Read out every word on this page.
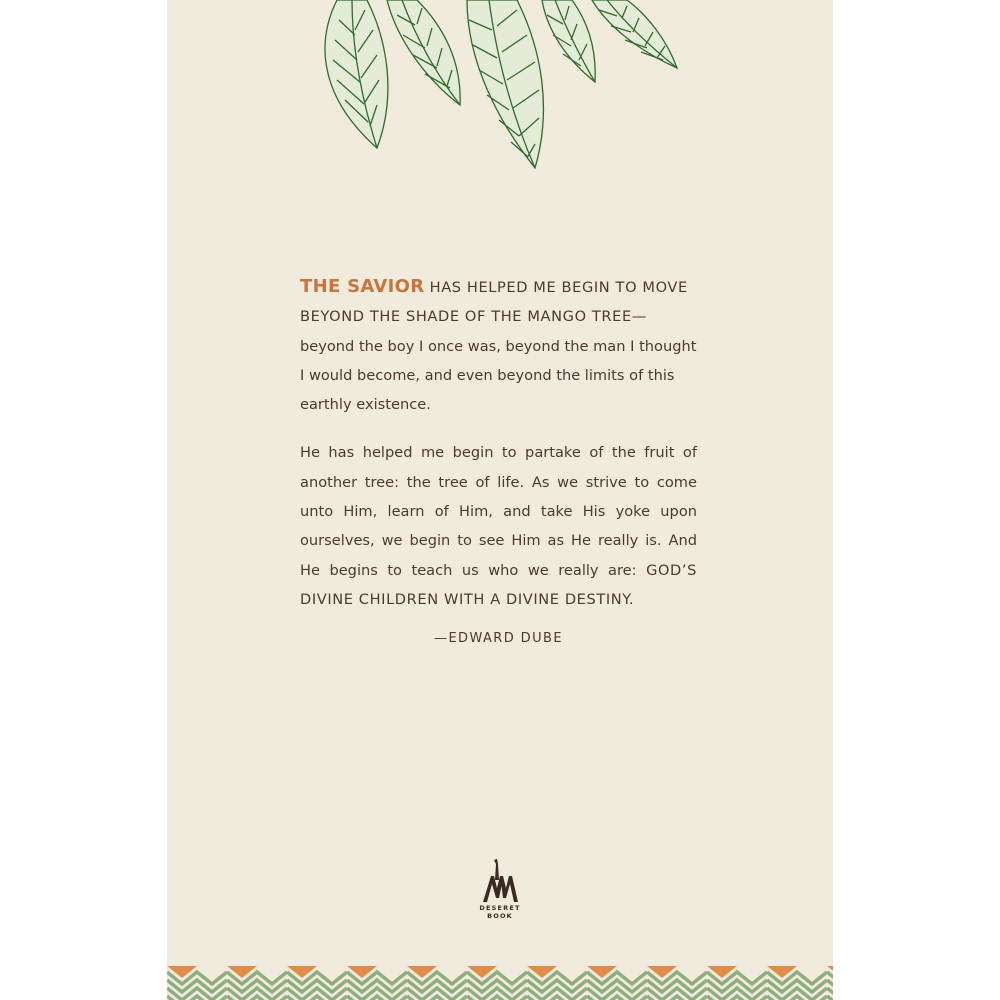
THE SAVIOR HAS HELPED ME BEGIN TO MOVE BEYOND THE SHADE OF THE MANGO TREE— beyond the boy I once was, beyond the man I thought I would become, and even beyond the limits of this earthly existence.

He has helped me begin to partake of the fruit of another tree: the tree of life. As we strive to come unto Him, learn of Him, and take His yoke upon ourselves, we begin to see Him as He really is. And He begins to teach us who we really are: GOD’S DIVINE CHILDREN WITH A DIVINE DESTINY.

—EDWARD DUBE
DESERET
BOOK
